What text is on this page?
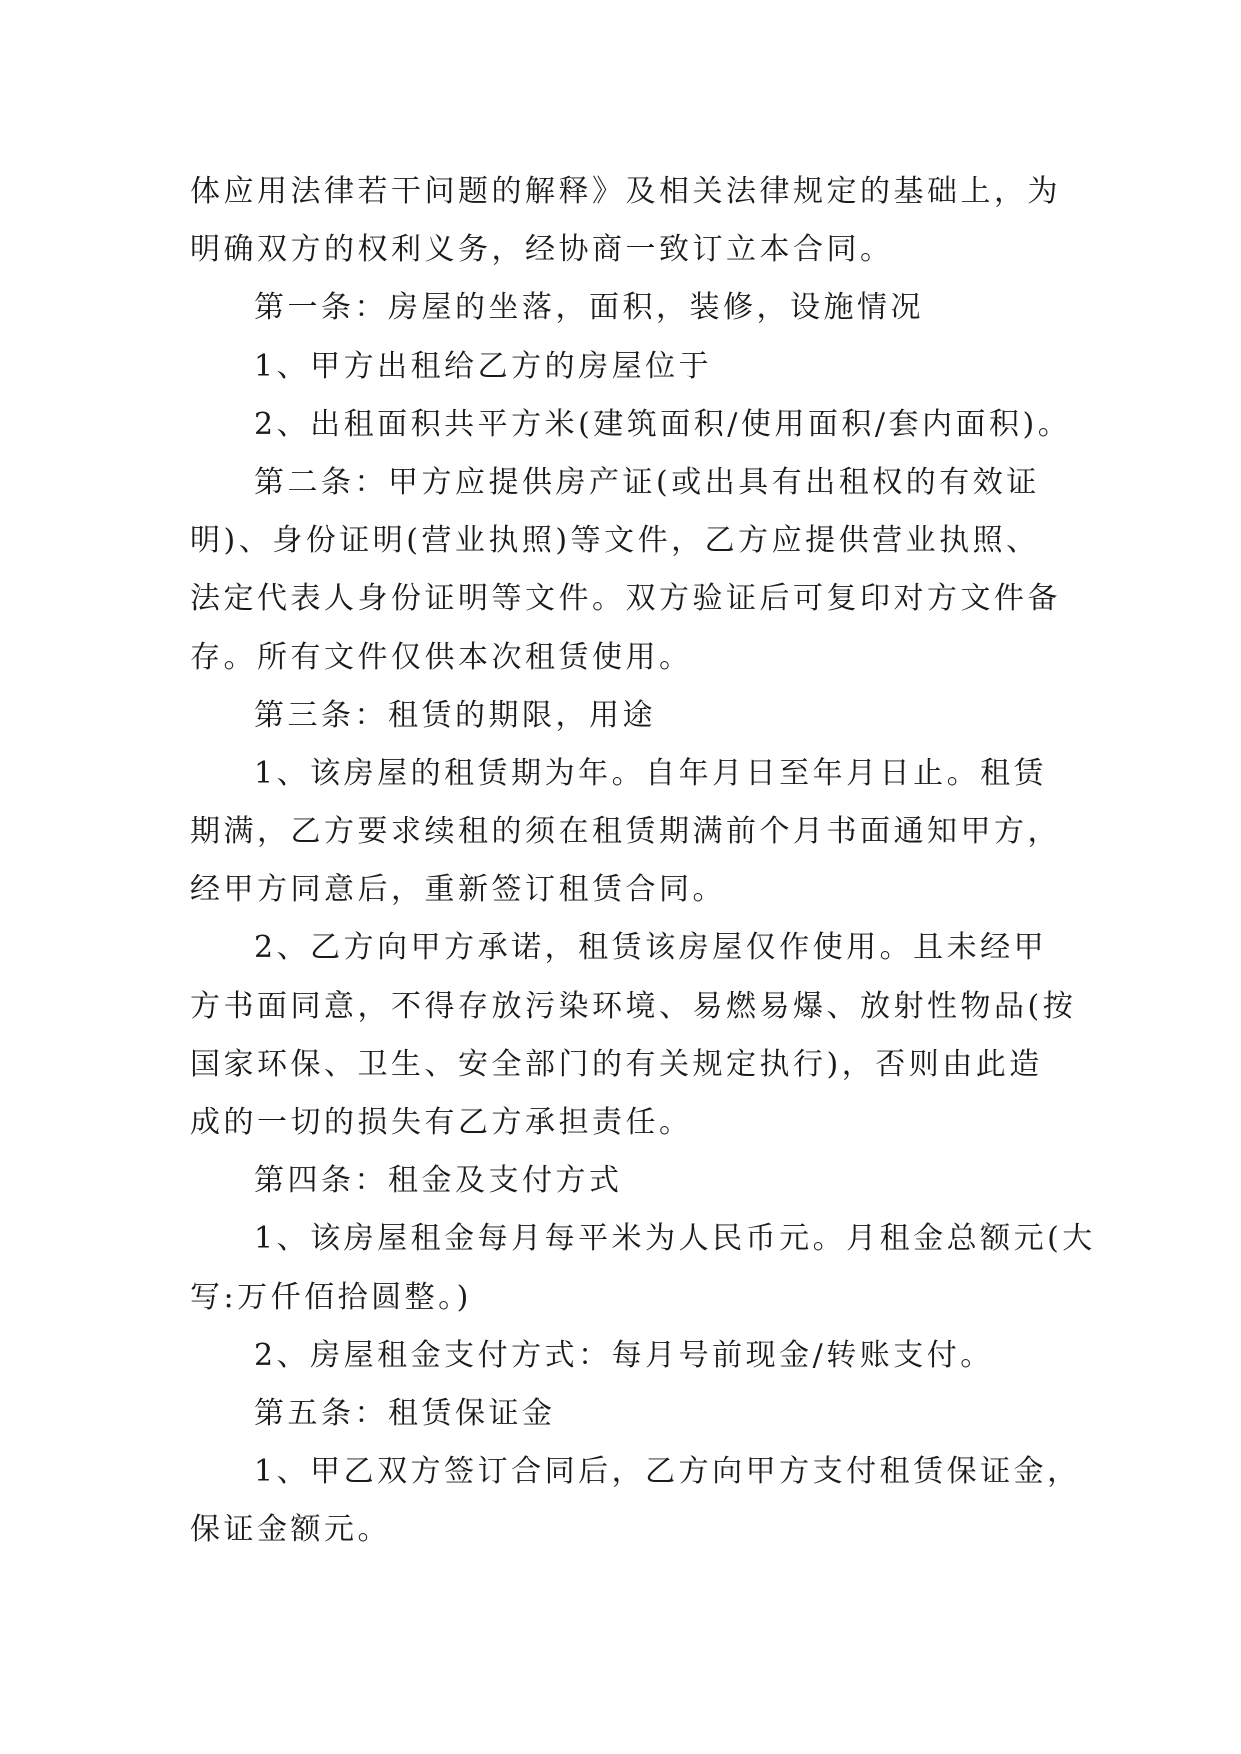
体应用法律若干问题的解释》及相关法律规定的基础上，为
明确双方的权利义务，经协商一致订立本合同。
第一条：房屋的坐落，面积，装修，设施情况
1、甲方出租给乙方的房屋位于
2、出租面积共平方米(建筑面积/使用面积/套内面积)。
第二条：甲方应提供房产证(或出具有出租权的有效证
明)、身份证明(营业执照)等文件，乙方应提供营业执照、
法定代表人身份证明等文件。双方验证后可复印对方文件备
存。所有文件仅供本次租赁使用。
第三条：租赁的期限，用途
1、该房屋的租赁期为年。自年月日至年月日止。租赁
期满，乙方要求续租的须在租赁期满前个月书面通知甲方，
经甲方同意后，重新签订租赁合同。
2、乙方向甲方承诺，租赁该房屋仅作使用。且未经甲
方书面同意，不得存放污染环境、易燃易爆、放射性物品(按
国家环保、卫生、安全部门的有关规定执行)，否则由此造
成的一切的损失有乙方承担责任。
第四条：租金及支付方式
1、该房屋租金每月每平米为人民币元。月租金总额元(大
写:万仟佰拾圆整。)
2、房屋租金支付方式：每月号前现金/转账支付。
第五条：租赁保证金
1、甲乙双方签订合同后，乙方向甲方支付租赁保证金，
保证金额元。
